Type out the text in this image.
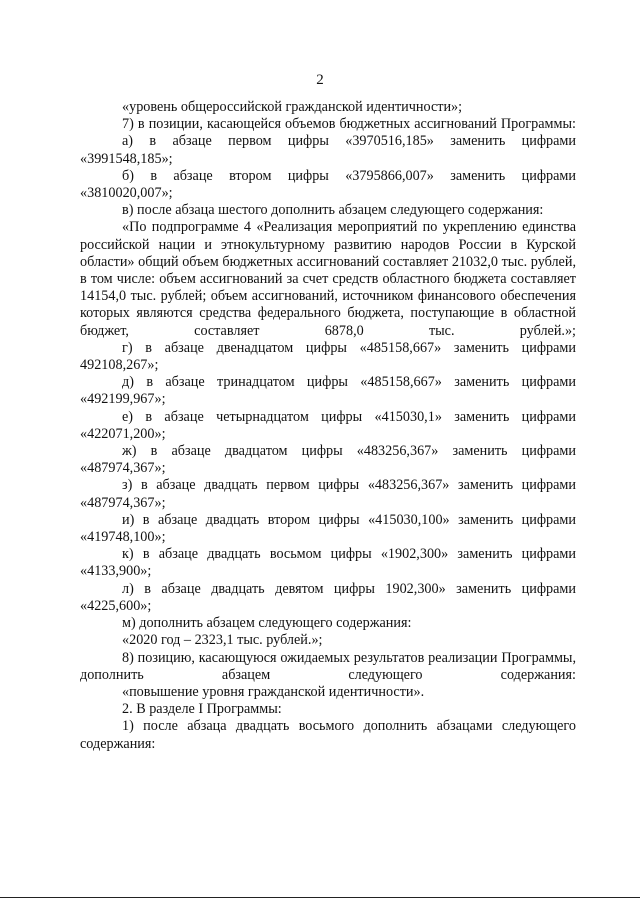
2

«уровень общероссийской гражданской идентичности»;

7) в позиции, касающейся объемов бюджетных ассигнований Программы:

а) в абзаце первом цифры «3970516,185» заменить цифрами «3991548,185»;

б) в абзаце втором цифры «3795866,007» заменить цифрами «3810020,007»;

в) после абзаца шестого дополнить абзацем следующего содержания:

«По подпрограмме 4 «Реализация мероприятий по укреплению единства российской нации и этнокультурному развитию народов России в Курской области» общий объем бюджетных ассигнований составляет 21032,0 тыс. рублей, в том числе: объем ассигнований за счет средств областного бюджета составляет 14154,0 тыс. рублей; объем ассигнований, источником финансового обеспечения которых являются средства федерального бюджета, поступающие в областной бюджет, составляет 6878,0 тыс. рублей.»;

г) в абзаце двенадцатом цифры «485158,667» заменить цифрами 492108,267»;

д) в абзаце тринадцатом цифры «485158,667» заменить цифрами «492199,967»;

е) в абзаце четырнадцатом цифры «415030,1» заменить цифрами «422071,200»;

ж) в абзаце двадцатом цифры «483256,367» заменить цифрами «487974,367»;

з) в абзаце двадцать первом цифры «483256,367» заменить цифрами «487974,367»;

и) в абзаце двадцать втором цифры «415030,100» заменить цифрами «419748,100»;

к) в абзаце двадцать восьмом цифры «1902,300» заменить цифрами «4133,900»;

л) в абзаце двадцать девятом цифры 1902,300» заменить цифрами «4225,600»;

м) дополнить абзацем следующего содержания:

«2020 год – 2323,1 тыс. рублей.»;

8) позицию, касающуюся ожидаемых результатов реализации Программы, дополнить абзацем следующего содержания:

«повышение уровня гражданской идентичности».

2. В разделе I Программы:

1) после абзаца двадцать восьмого дополнить абзацами следующего содержания:
